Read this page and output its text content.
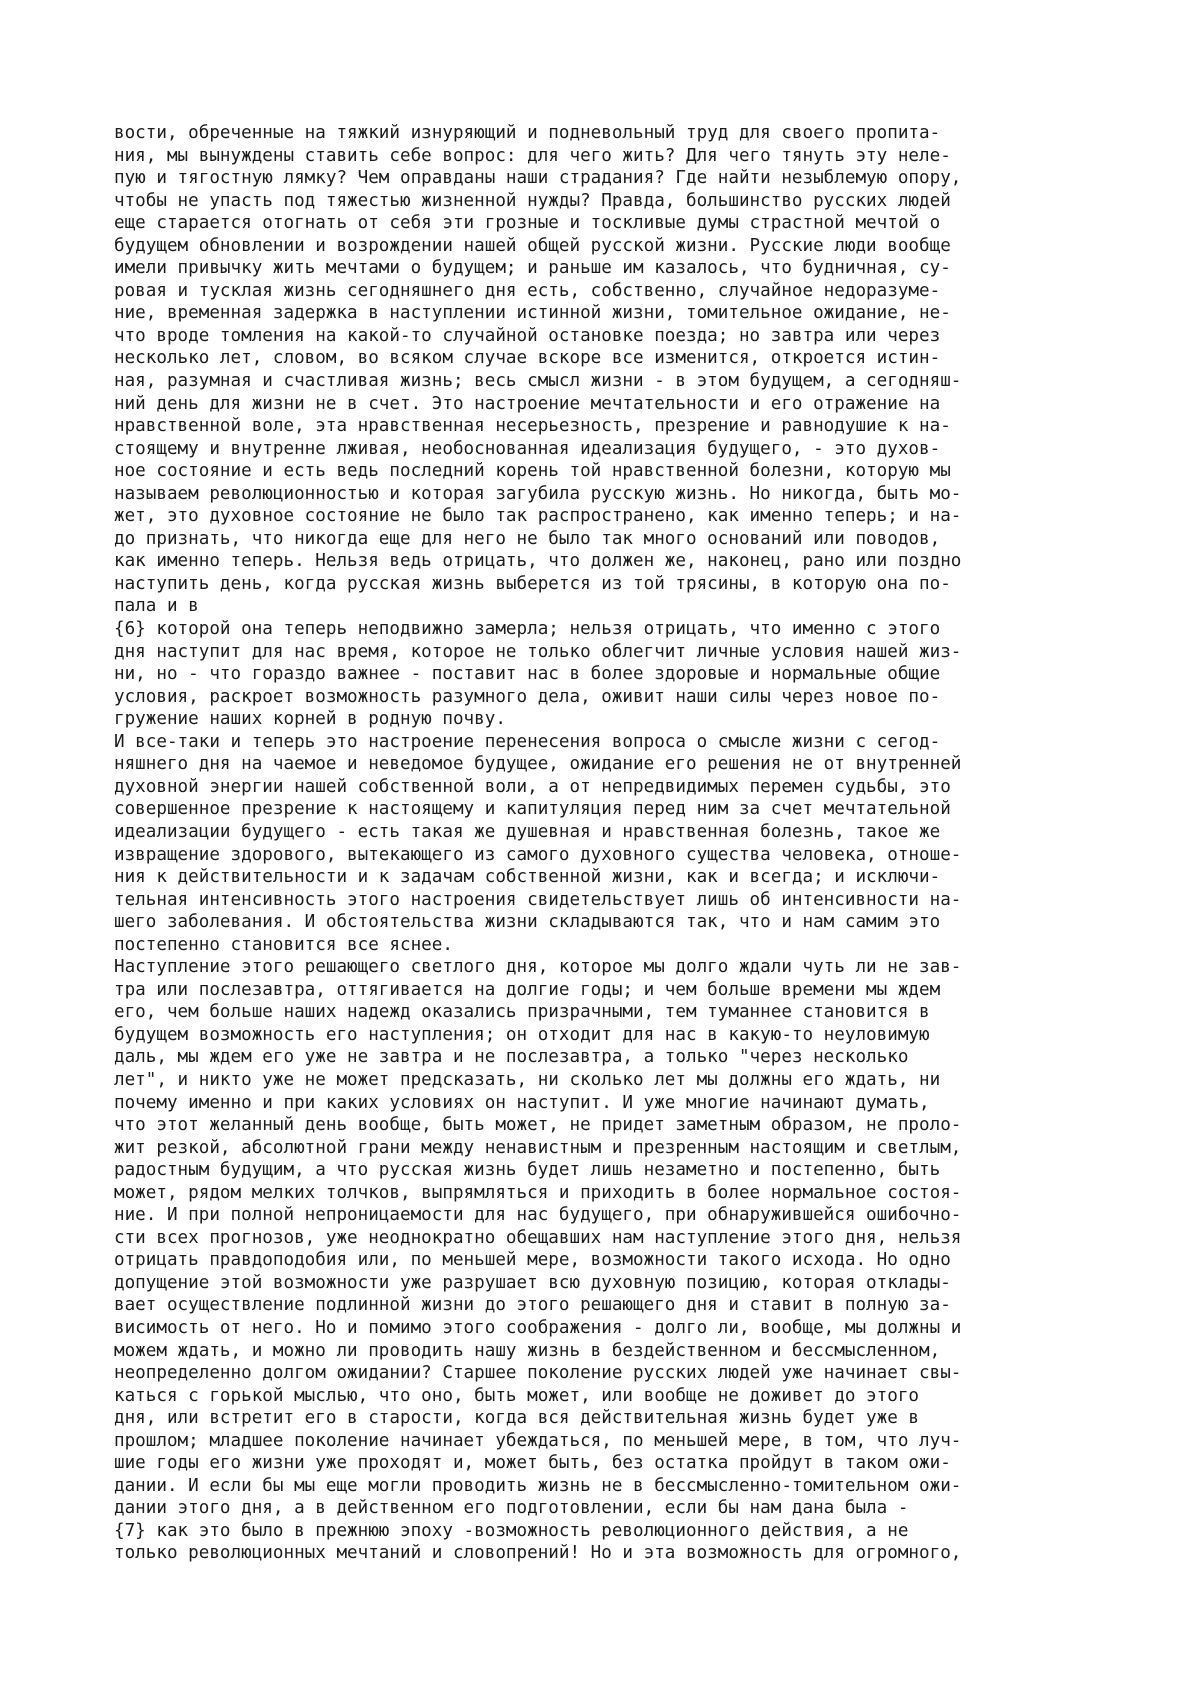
вости, обреченные на тяжкий изнуряющий и подневольный труд для своего пропита-
ния, мы вынуждены ставить себе вопрос: для чего жить? Для чего тянуть эту неле-
пую и тягостную лямку? Чем оправданы наши страдания? Где найти незыблемую опору,
чтобы не упасть под тяжестью жизненной нужды? Правда, большинство русских людей
еще старается отогнать от себя эти грозные и тоскливые думы страстной мечтой о
будущем обновлении и возрождении нашей общей русской жизни. Русские люди вообще
имели привычку жить мечтами о будущем; и раньше им казалось, что будничная, су-
ровая и тусклая жизнь сегодняшнего дня есть, собственно, случайное недоразуме-
ние, временная задержка в наступлении истинной жизни, томительное ожидание, не-
что вроде томления на какой-то случайной остановке поезда; но завтра или через
несколько лет, словом, во всяком случае вскоре все изменится, откроется истин-
ная, разумная и счастливая жизнь; весь смысл жизни - в этом будущем, а сегодняш-
ний день для жизни не в счет. Это настроение мечтательности и его отражение на
нравственной воле, эта нравственная несерьезность, презрение и равнодушие к на-
стоящему и внутренне лживая, необоснованная идеализация будущего, - это духов-
ное состояние и есть ведь последний корень той нравственной болезни, которую мы
называем революционностью и которая загубила русскую жизнь. Но никогда, быть мо-
жет, это духовное состояние не было так распространено, как именно теперь; и на-
до признать, что никогда еще для него не было так много оснований или поводов,
как именно теперь. Нельзя ведь отрицать, что должен же, наконец, рано или поздно
наступить день, когда русская жизнь выберется из той трясины, в которую она по-
пала и в
{6} которой она теперь неподвижно замерла; нельзя отрицать, что именно с этого
дня наступит для нас время, которое не только облегчит личные условия нашей жиз-
ни, но - что гораздо важнее - поставит нас в более здоровые и нормальные общие
условия, раскроет возможность разумного дела, оживит наши силы через новое по-
гружение наших корней в родную почву.
И все-таки и теперь это настроение перенесения вопроса о смысле жизни с сегод-
няшнего дня на чаемое и неведомое будущее, ожидание его решения не от внутренней
духовной энергии нашей собственной воли, а от непредвидимых перемен судьбы, это
совершенное презрение к настоящему и капитуляция перед ним за счет мечтательной
идеализации будущего - есть такая же душевная и нравственная болезнь, такое же
извращение здорового, вытекающего из самого духовного существа человека, отноше-
ния к действительности и к задачам собственной жизни, как и всегда; и исключи-
тельная интенсивность этого настроения свидетельствует лишь об интенсивности на-
шего заболевания. И обстоятельства жизни складываются так, что и нам самим это
постепенно становится все яснее.
Наступление этого решающего светлого дня, которое мы долго ждали чуть ли не зав-
тра или послезавтра, оттягивается на долгие годы; и чем больше времени мы ждем
его, чем больше наших надежд оказались призрачными, тем туманнее становится в
будущем возможность его наступления; он отходит для нас в какую-то неуловимую
даль, мы ждем его уже не завтра и не послезавтра, а только "через несколько
лет", и никто уже не может предсказать, ни сколько лет мы должны его ждать, ни
почему именно и при каких условиях он наступит. И уже многие начинают думать,
что этот желанный день вообще, быть может, не придет заметным образом, не проло-
жит резкой, абсолютной грани между ненавистным и презренным настоящим и светлым,
радостным будущим, а что русская жизнь будет лишь незаметно и постепенно, быть
может, рядом мелких толчков, выпрямляться и приходить в более нормальное состоя-
ние. И при полной непроницаемости для нас будущего, при обнаружившейся ошибочно-
сти всех прогнозов, уже неоднократно обещавших нам наступление этого дня, нельзя
отрицать правдоподобия или, по меньшей мере, возможности такого исхода. Но одно
допущение этой возможности уже разрушает всю духовную позицию, которая отклады-
вает осуществление подлинной жизни до этого решающего дня и ставит в полную за-
висимость от него. Но и помимо этого соображения - долго ли, вообще, мы должны и
можем ждать, и можно ли проводить нашу жизнь в бездейственном и бессмысленном,
неопределенно долгом ожидании? Старшее поколение русских людей уже начинает свы-
каться с горькой мыслью, что оно, быть может, или вообще не доживет до этого
дня, или встретит его в старости, когда вся действительная жизнь будет уже в
прошлом; младшее поколение начинает убеждаться, по меньшей мере, в том, что луч-
шие годы его жизни уже проходят и, может быть, без остатка пройдут в таком ожи-
дании. И если бы мы еще могли проводить жизнь не в бессмысленно-томительном ожи-
дании этого дня, а в действенном его подготовлении, если бы нам дана была -
{7} как это было в прежнюю эпоху -возможность революционного действия, а не
только революционных мечтаний и словопрений! Но и эта возможность для огромного,
